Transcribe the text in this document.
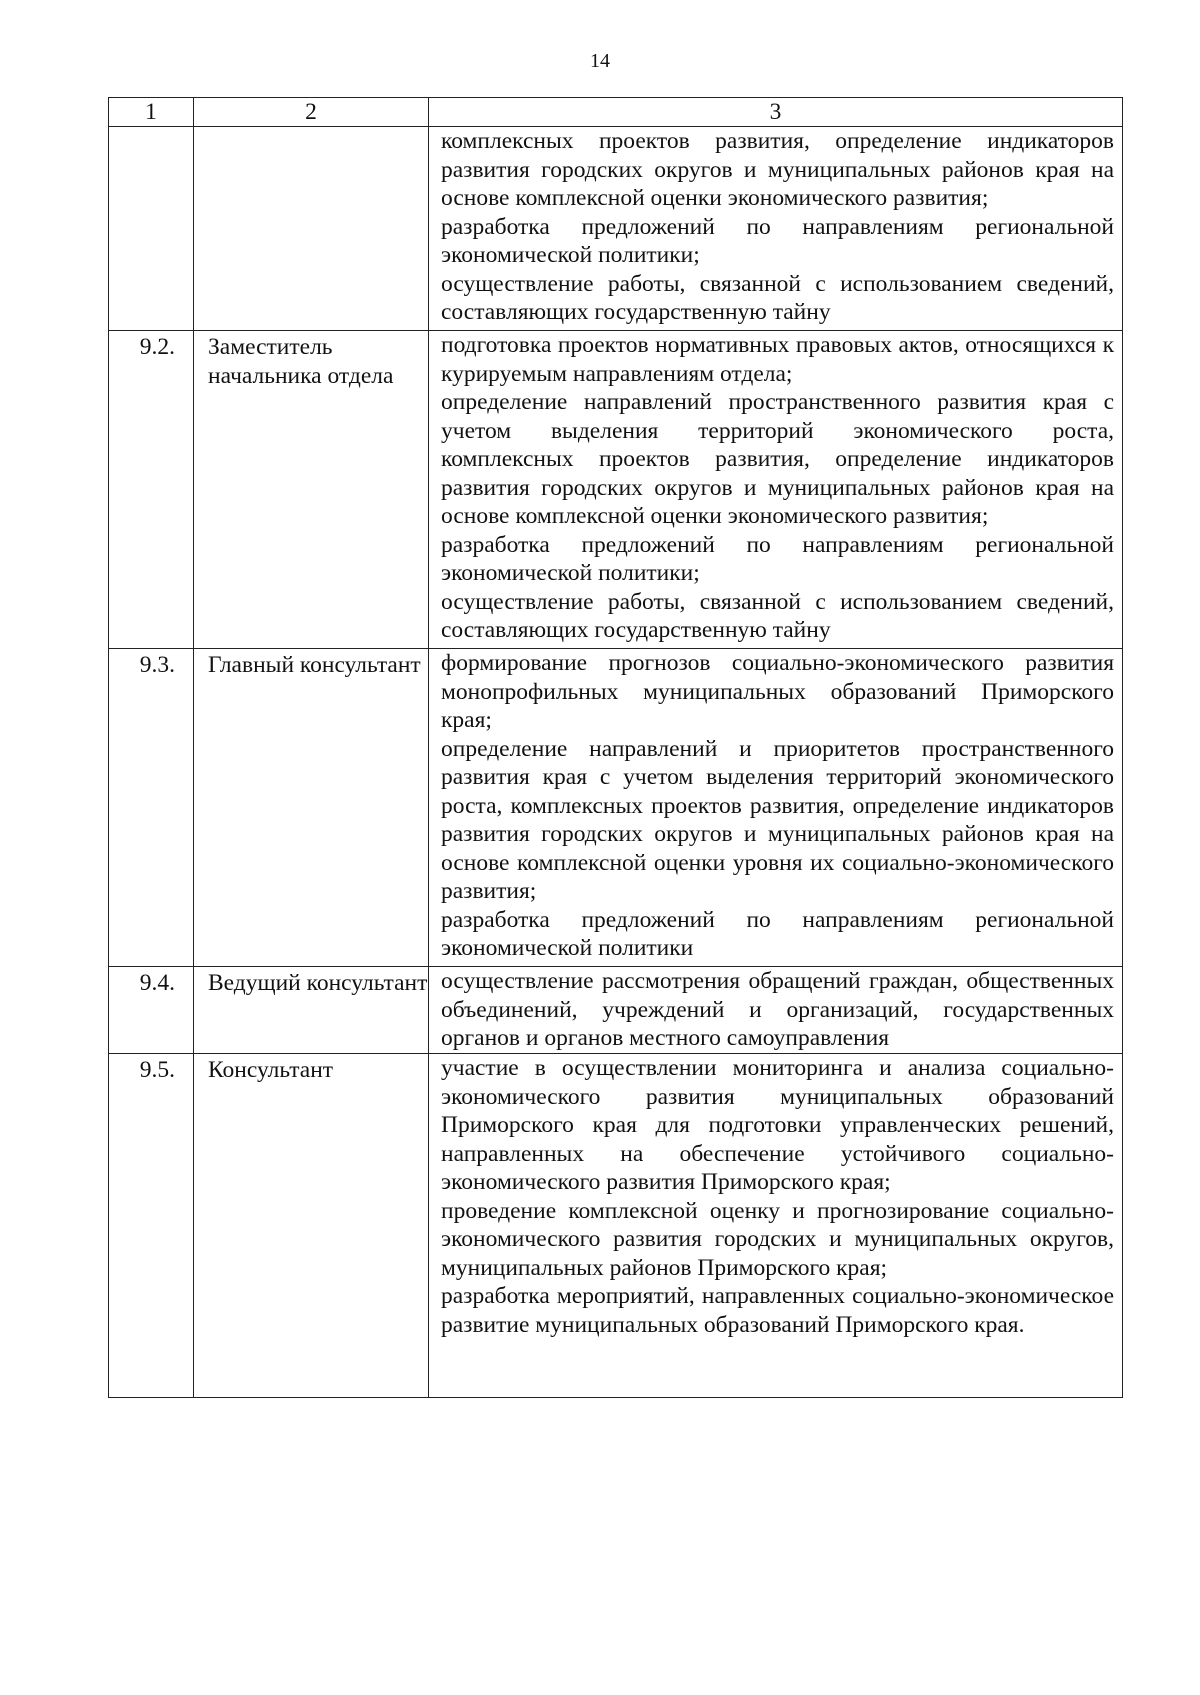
14
1	2	3

		комплексных проектов развития, определение индикаторов развития городских округов и муниципальных районов края на основе комплексной оценки экономического развития;
разработка предложений по направлениям региональной экономической политики;
осуществление работы, связанной с использованием сведений, составляющих государственную тайну

9.2.	Заместитель начальника отдела	подготовка проектов нормативных правовых актов, относящихся к курируемым направлениям отдела;
определение направлений пространственного развития края с учетом выделения территорий экономического роста, комплексных проектов развития, определение индикаторов развития городских округов и муниципальных районов края на основе комплексной оценки экономического развития;
разработка предложений по направлениям региональной экономической политики;
осуществление работы, связанной с использованием сведений, составляющих государственную тайну

9.3.	Главный консультант	формирование прогнозов социально-экономического развития монопрофильных муниципальных образований Приморского края;
определение направлений и приоритетов пространственного развития края с учетом выделения территорий экономического роста, комплексных проектов развития, определение индикаторов развития городских округов и муниципальных районов края на основе комплексной оценки уровня их социально-экономического развития;
разработка предложений по направлениям региональной экономической политики

9.4.	Ведущий консультант	осуществление рассмотрения обращений граждан, общественных объединений, учреждений и организаций, государственных органов и органов местного самоуправления

9.5.	Консультант	участие в осуществлении мониторинга и анализа социально-экономического развития муниципальных образований Приморского края для подготовки управленческих решений, направленных на обеспечение устойчивого социально-экономического развития Приморского края;
проведение комплексной оценку и прогнозирование социально-экономического развития городских и муниципальных округов, муниципальных районов Приморского края;
разработка мероприятий, направленных социально-экономическое развитие муниципальных образований Приморского края.
